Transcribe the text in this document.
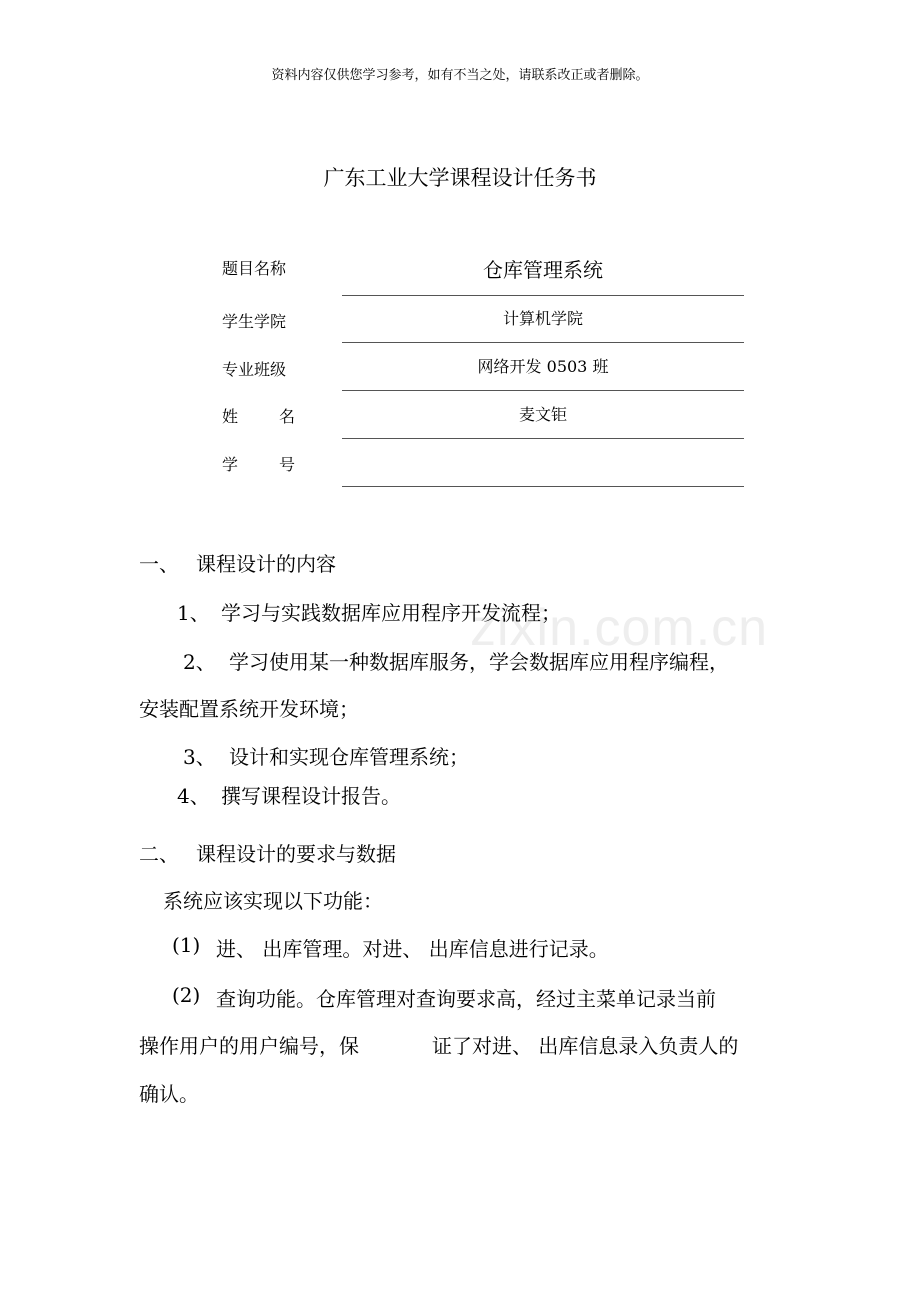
zixin.com.cn
资料内容仅供您学习参考，如有不当之处，请联系改正或者删除。
广东工业大学课程设计任务书
题目名称	仓库管理系统
学生学院	计算机学院
专业班级	网络开发 0503 班
姓	名	麦文钜
学	号
一、 课程设计的内容
1、 学习与实践数据库应用程序开发流程；
2、 学习使用某一种数据库服务，学会数据库应用程序编程，
安装配置系统开发环境；
3、 设计和实现仓库管理系统；
4、 撰写课程设计报告。
二、 课程设计的要求与数据
系统应该实现以下功能：
(1) 进、 出库管理。对进、 出库信息进行记录。
(2) 查询功能。仓库管理对查询要求高，经过主菜单记录当前
操作用户的用户编号，保	证了对进、 出库信息录入负责人的
确认。
